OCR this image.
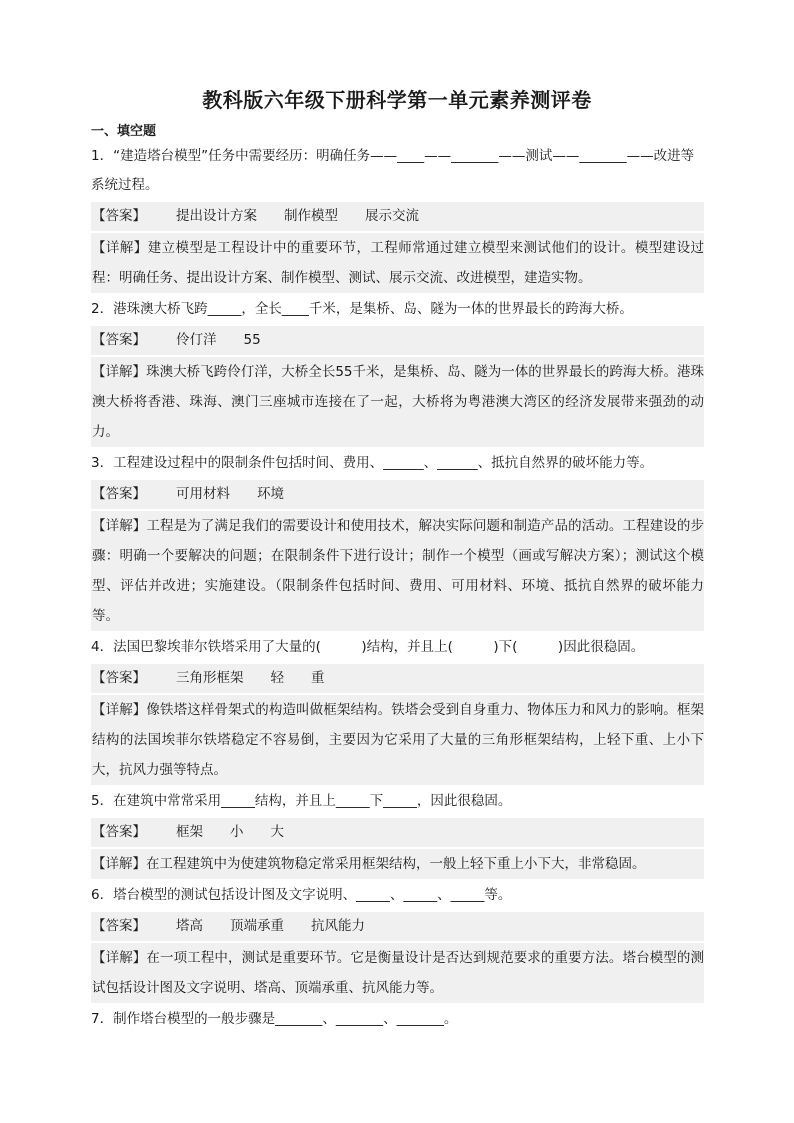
教科版六年级下册科学第一单元素养测评卷
一、填空题
1．“建造塔台模型”任务中需要经历：明确任务——____——_______——测试——_______——改进等系统过程。
【答案】 提出设计方案　　制作模型　　展示交流
【详解】建立模型是工程设计中的重要环节，工程师常通过建立模型来测试他们的设计。模型建设过程：明确任务、提出设计方案、制作模型、测试、展示交流、改进模型，建造实物。
2．港珠澳大桥飞跨_____，全长____千米，是集桥、岛、隧为一体的世界最长的跨海大桥。
【答案】 伶仃洋　　55
【详解】珠澳大桥飞跨伶仃洋，大桥全长55千米，是集桥、岛、隧为一体的世界最长的跨海大桥。港珠澳大桥将香港、珠海、澳门三座城市连接在了一起，大桥将为粤港澳大湾区的经济发展带来强劲的动力。
3．工程建设过程中的限制条件包括时间、费用、______、______、抵抗自然界的破坏能力等。
【答案】 可用材料　　环境
【详解】工程是为了满足我们的需要设计和使用技术，解决实际问题和制造产品的活动。工程建设的步骤：明确一个要解决的问题；在限制条件下进行设计；制作一个模型（画或写解决方案）；测试这个模型、评估并改进；实施建设。（限制条件包括时间、费用、可用材料、环境、抵抗自然界的破坏能力等。
4．法国巴黎埃菲尔铁塔采用了大量的(　　　)结构，并且上(　　　)下(　　　)因此很稳固。
【答案】 三角形框架　　轻　　重
【详解】像铁塔这样骨架式的构造叫做框架结构。铁塔会受到自身重力、物体压力和风力的影响。框架结构的法国埃菲尔铁塔稳定不容易倒，主要因为它采用了大量的三角形框架结构，上轻下重、上小下大，抗风力强等特点。
5．在建筑中常常采用_____结构，并且上_____下_____，因此很稳固。
【答案】 框架　　小　　大
【详解】在工程建筑中为使建筑物稳定常采用框架结构，一般上轻下重上小下大，非常稳固。
6．塔台模型的测试包括设计图及文字说明、_____、_____、_____等。
【答案】 塔高　　顶端承重　　抗风能力
【详解】在一项工程中，测试是重要环节。它是衡量设计是否达到规范要求的重要方法。塔台模型的测试包括设计图及文字说明、塔高、顶端承重、抗风能力等。
7．制作塔台模型的一般步骤是_______、_______、_______。
